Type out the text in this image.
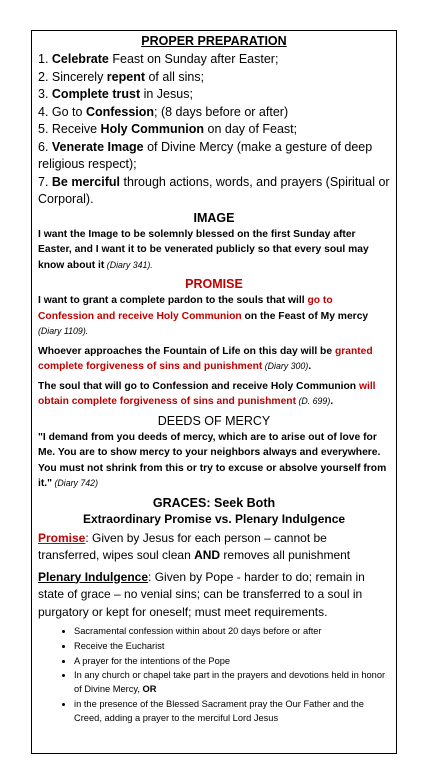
PROPER PREPARATION

1. Celebrate Feast on Sunday after Easter;

2. Sincerely repent of all sins;

3. Complete trust in Jesus;

4. Go to Confession; (8 days before or after)

5. Receive Holy Communion on day of Feast;

6. Venerate Image of Divine Mercy (make a gesture of deep religious respect);

7. Be merciful through actions, words, and prayers (Spiritual or Corporal).

IMAGE

I want the Image to be solemnly blessed on the first Sunday after Easter, and I want it to be venerated publicly so that every soul may know about it (Diary 341).

PROMISE

I want to grant a complete pardon to the souls that will go to Confession and receive Holy Communion on the Feast of My mercy (Diary 1109).

Whoever approaches the Fountain of Life on this day will be granted complete forgiveness of sins and punishment (Diary 300).

The soul that will go to Confession and receive Holy Communion will obtain complete forgiveness of sins and punishment (D. 699).

DEEDS OF MERCY

"I demand from you deeds of mercy, which are to arise out of love for Me. You are to show mercy to your neighbors always and everywhere. You must not shrink from this or try to excuse or absolve yourself from it." (Diary 742)

GRACES: Seek Both
Extraordinary Promise vs. Plenary Indulgence

Promise: Given by Jesus for each person – cannot be transferred, wipes soul clean AND removes all punishment

Plenary Indulgence: Given by Pope - harder to do; remain in state of grace – no venial sins; can be transferred to a soul in purgatory or kept for oneself; must meet requirements.

• Sacramental confession within about 20 days before or after
• Receive the Eucharist
• A prayer for the intentions of the Pope
• In any church or chapel take part in the prayers and devotions held in honor of Divine Mercy, OR
• in the presence of the Blessed Sacrament pray the Our Father and the Creed, adding a prayer to the merciful Lord Jesus
